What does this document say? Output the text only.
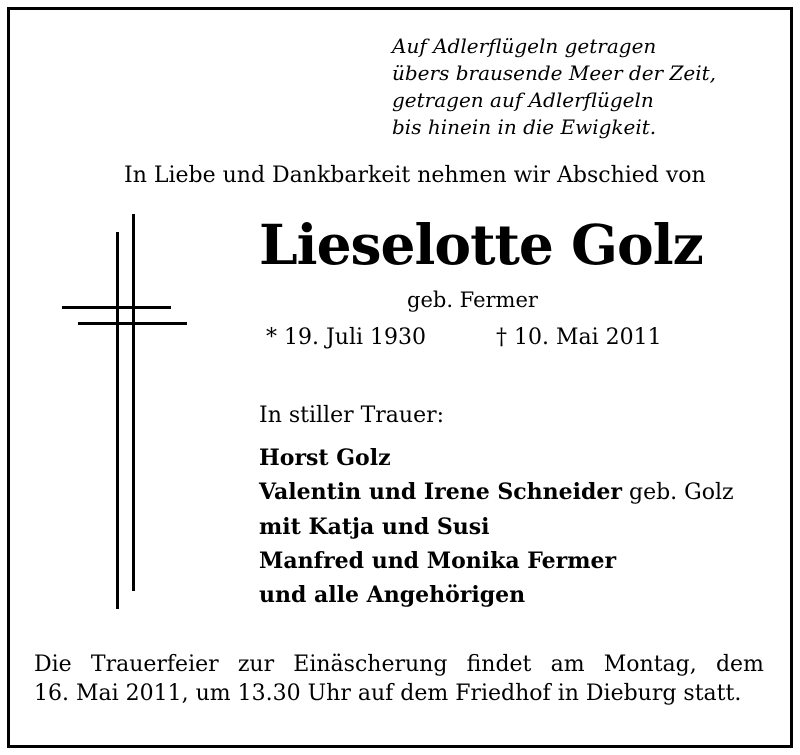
Auf Adlerflügeln getragen
übers brausende Meer der Zeit,
getragen auf Adlerflügeln
bis hinein in die Ewigkeit.
In Liebe und Dankbarkeit nehmen wir Abschied von
Lieselotte Golz
geb. Fermer
* 19. Juli 1930	† 10. Mai 2011
In stiller Trauer:
Horst Golz
Valentin und Irene Schneider geb. Golz
mit Katja und Susi
Manfred und Monika Fermer
und alle Angehörigen
Die Trauerfeier zur Einäscherung findet am Montag, dem
16. Mai 2011, um 13.30 Uhr auf dem Friedhof in Dieburg statt.
